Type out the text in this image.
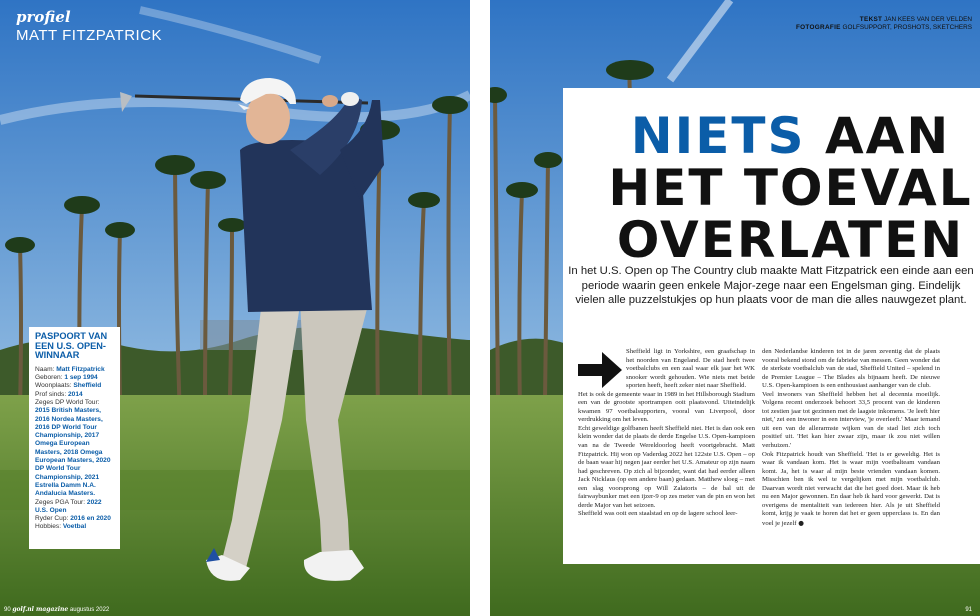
profiel
MATT FITZPATRICK
PASPOORT VAN EEN U.S. OPEN-WINNAAR
Naam: Matt Fitzpatrick
Geboren: 1 sep 1994
Woonplaats: Sheffield
Prof sinds: 2014
Zeges DP World Tour: 2015 British Masters, 2016 Nordea Masters, 2016 DP World Tour Championship, 2017 Omega European Masters, 2018 Omega European Masters, 2020 DP World Tour Championship, 2021 Estrella Damm N.A. Andalucia Masters.
Zeges PGA Tour: 2022 U.S. Open
Ryder Cup: 2016 en 2020
Hobbies: Voetbal
90 golf.nl magazine augustus 2022
TEKST JAN KEES VAN DER VELDEN
FOTOGRAFIE GOLFSUPPORT, PROSHOTS, SKETCHERS
91
NIETS AAN
HET TOEVAL
OVERLATEN
In het U.S. Open op The Country club maakte Matt Fitzpatrick een einde aan een periode waarin geen enkele Major-zege naar een Engelsman ging. Eindelijk vielen alle puzzelstukjes op hun plaats voor de man die alles nauwgezet plant.

Sheffield ligt in Yorkshire, een graafschap in het noorden van Engeland. De stad heeft twee voetbalclubs en een zaal waar elk jaar het WK snooker wordt gehouden. Wie niets met beide sporten heeft, heeft zeker niet naar Sheffield.

Het is ook de gemeente waar in 1989 in het Hillsborough Stadium een van de grootste sportrampen ooit plaatsvond. Uiteindelijk kwamen 97 voetbalsupporters, vooral van Liverpool, door verdrukking om het leven.

Echt geweldige golfbanen heeft Sheffield niet. Het is dan ook een klein wonder dat de plaats de derde Engelse U.S. Open-kampioen van na de Tweede Wereldoorlog heeft voortgebracht. Matt Fitzpatrick. Hij won op Vaderdag 2022 het 122ste U.S. Open – op de baan waar hij negen jaar eerder het U.S. Amateur op zijn naam had geschreven. Op zich al bijzonder, want dat had eerder alleen Jack Nicklaus (op een andere baan) gedaan. Matthew sloeg – met een slag voorsprong op Will Zalatoris – de bal uit de fairwaybunker met een ijzer-9 op zes meter van de pin en won het derde Major van het seizoen.

Sheffield was ooit een staalstad en op de lagere school leer-

den Nederlandse kinderen tot in de jaren zeventig dat de plaats vooral bekend stond om de fabrieke van messen. Geen wonder dat de sterkste voetbalclub van de stad, Sheffield United – spelend in de Premier League – The Blades als bijnaam heeft. De nieuwe U.S. Open-kampioen is een enthousiast aanhanger van de club.

Veel inwoners van Sheffield hebben het al decennia moeilijk. Volgens recent onderzoek behoort 33,5 procent van de kinderen tot zestien jaar tot gezinnen met de laagste inkomens. 'Je leeft hier niet,' zei een inwoner in een interview, 'je overleeft.' Maar iemand uit een van de allerarmste wijken van de stad liet zich toch positief uit. 'Het kan hier zwaar zijn, maar ik zou niet willen verhuizen.'

Ook Fitzpatrick houdt van Sheffield. 'Het is er geweldig. Het is waar ik vandaan kom. Het is waar mijn voetbalteam vandaan komt. Ja, het is waar al mijn beste vrienden vandaan komen. Misschien ben ik wel te vergelijken met mijn voetbalclub. Daarvan wordt niet verwacht dat die het goed doet. Maar ik heb nu een Major gewonnen. En daar heb ik hard voor gewerkt. Dat is overigens de mentaliteit van iedereen hier. Als je uit Sheffield komt, krijg je vaak te horen dat het er geen upperclass is. En dan voel je jezelf ●
